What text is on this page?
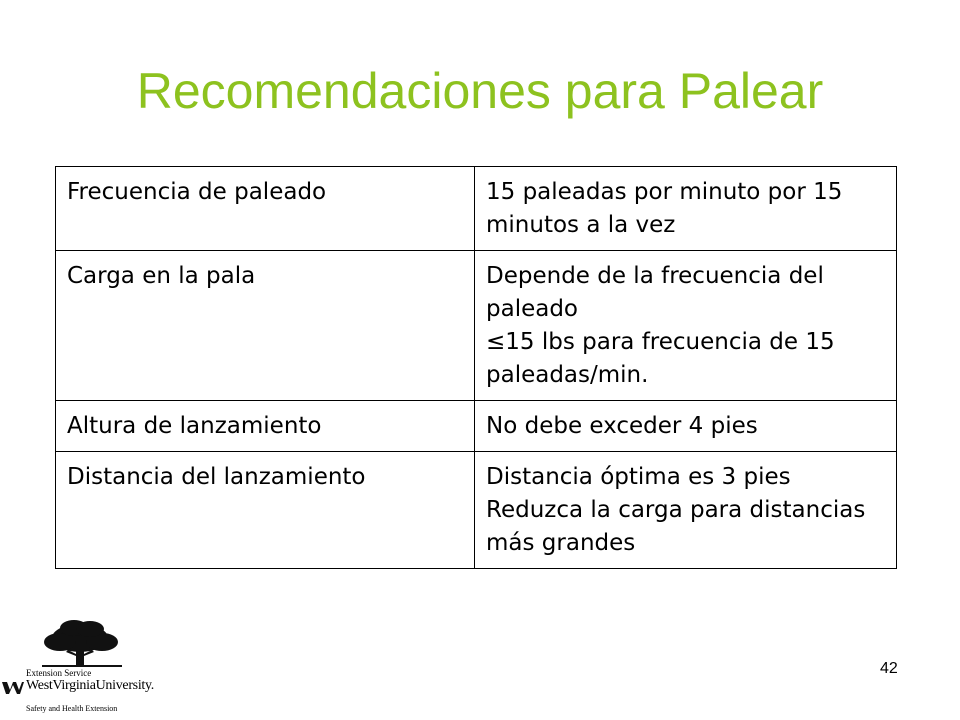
Recomendaciones para Palear
Frecuencia de paleado	15 paleadas por minuto por 15 minutos a la vez

Carga en la pala	Depende de la frecuencia del paleado
≤15 lbs para frecuencia de 15 paleadas/min.

Altura de lanzamiento	No debe exceder 4 pies

Distancia del lanzamiento	Distancia óptima es 3 pies
Reduzca la carga para distancias más grandes
Extension Service
WestVirginiaUniversity.
Safety and Health Extension
42
